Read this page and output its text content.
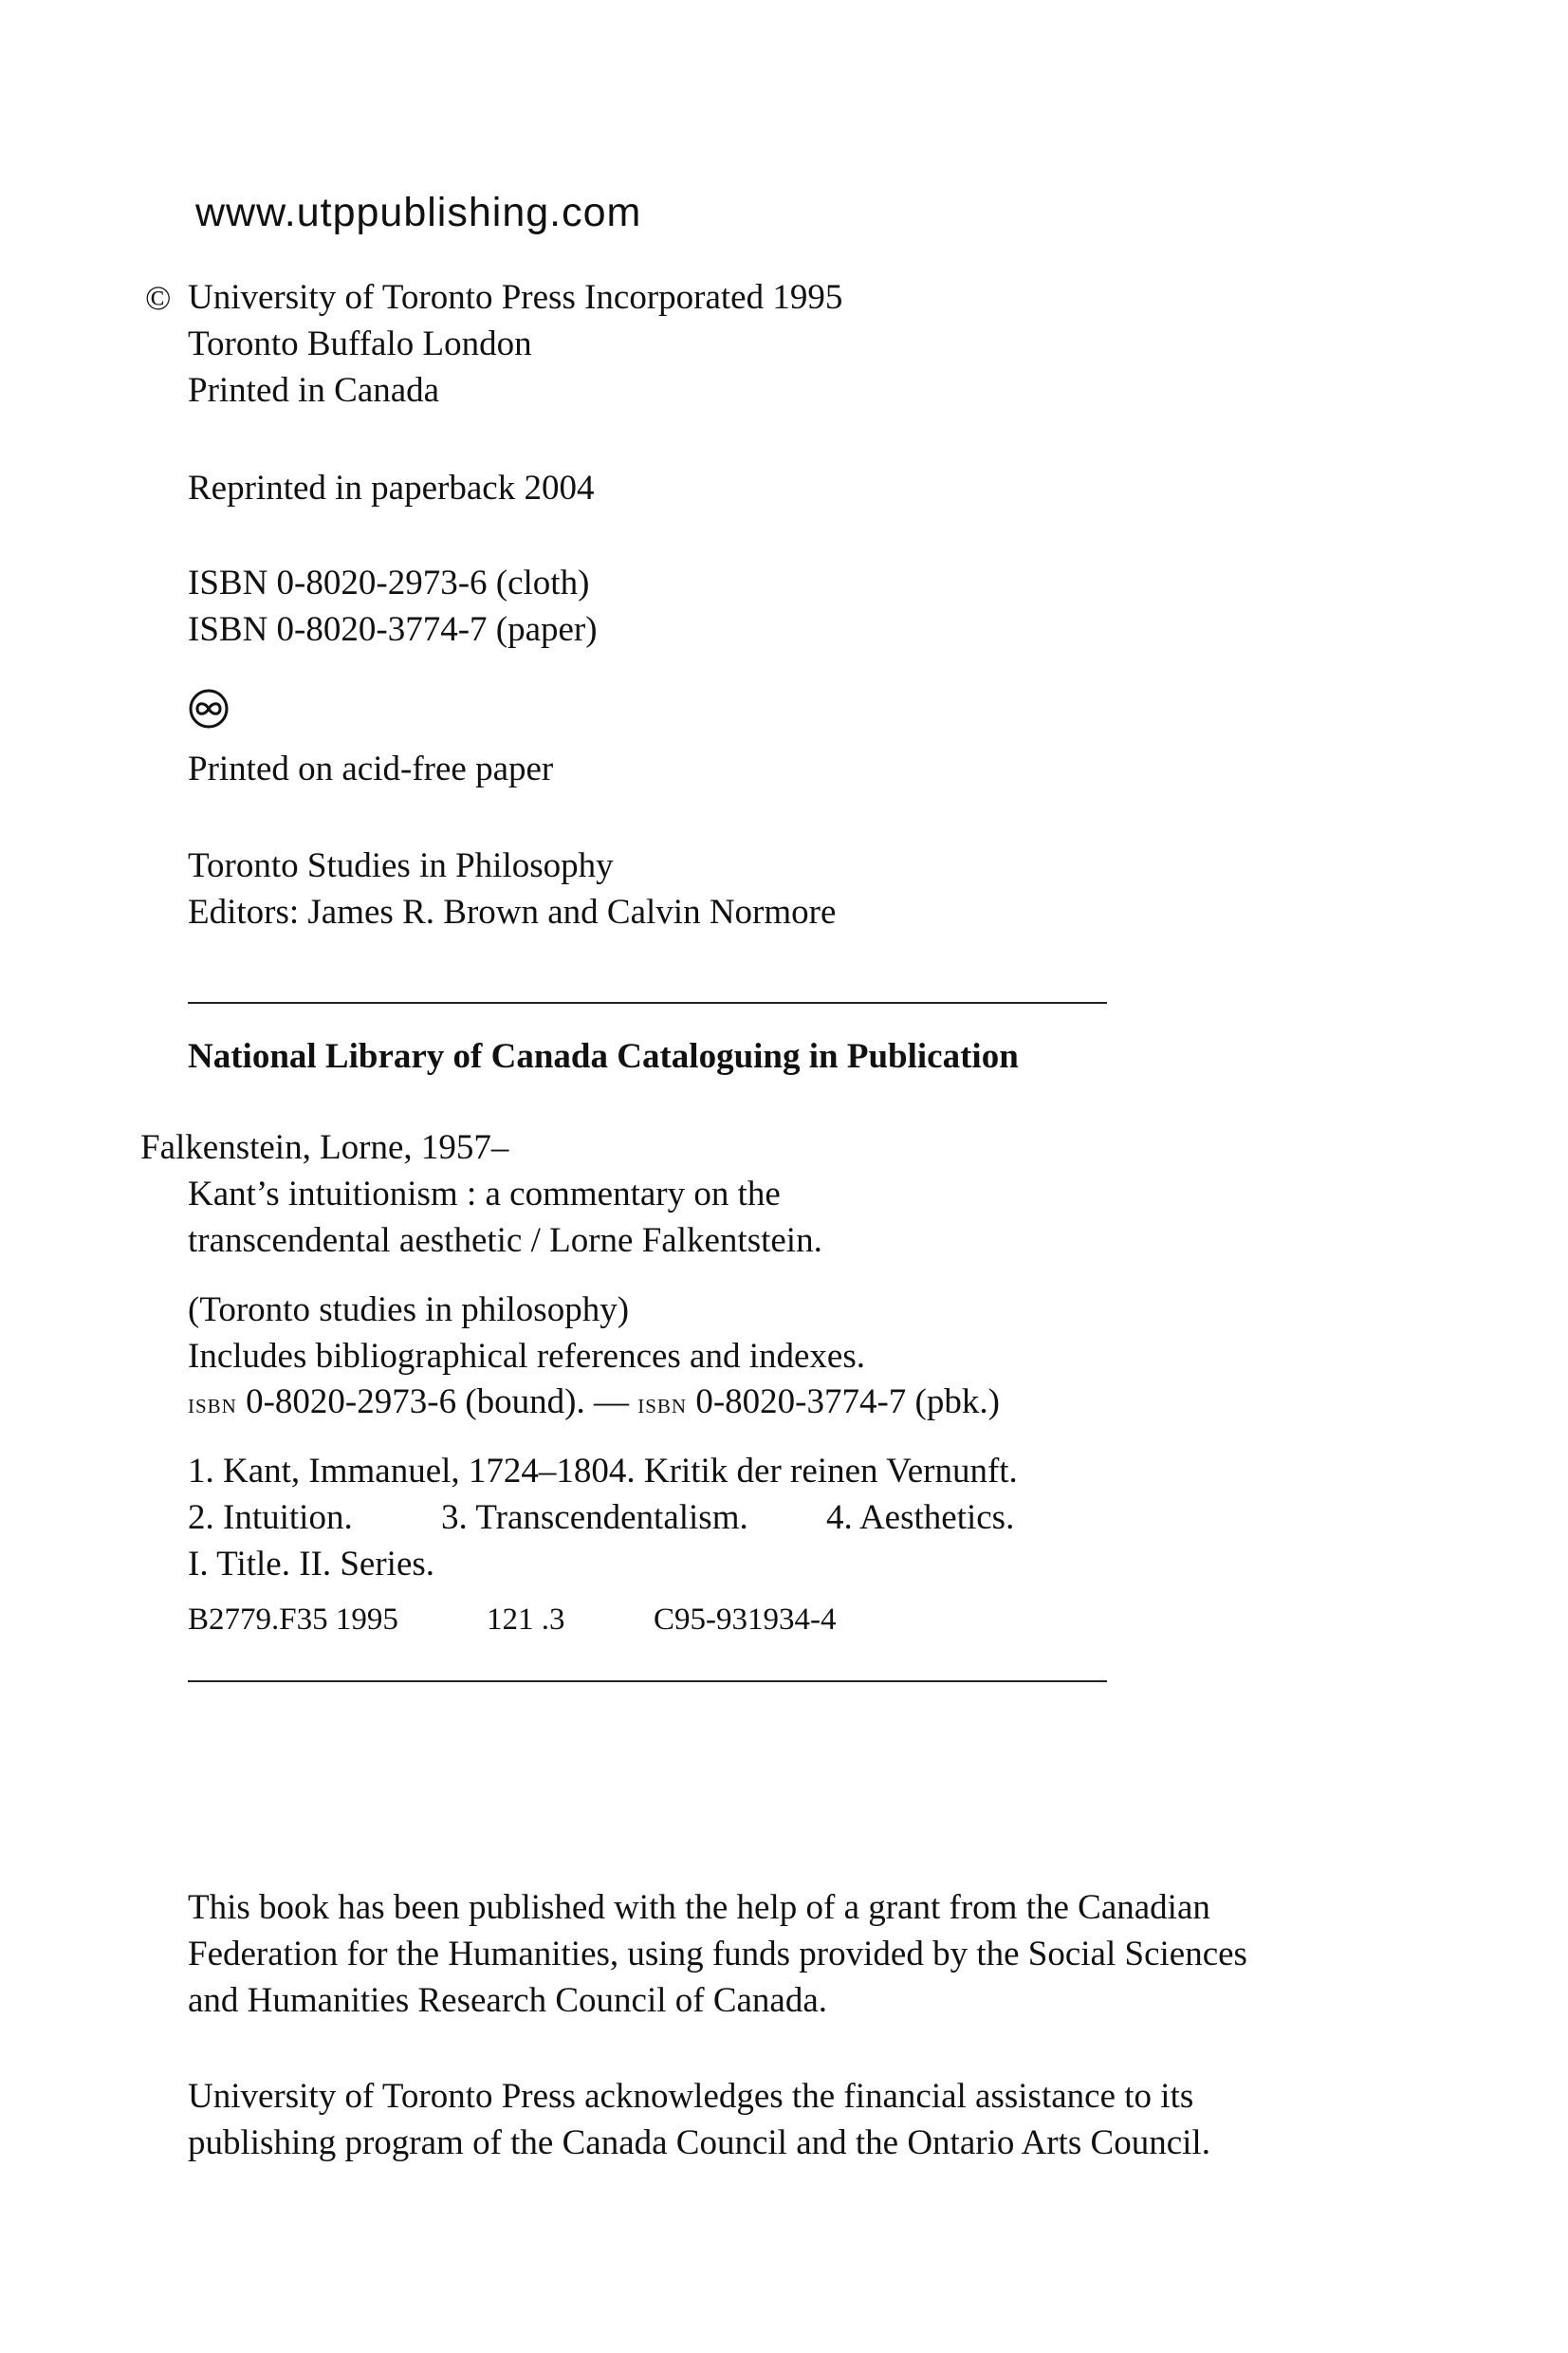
www.utppublishing.com
© University of Toronto Press Incorporated 1995
Toronto Buffalo London
Printed in Canada
Reprinted in paperback 2004
ISBN 0-8020-2973-6 (cloth)
ISBN 0-8020-3774-7 (paper)
Printed on acid-free paper
Toronto Studies in Philosophy
Editors: James R. Brown and Calvin Normore
National Library of Canada Cataloguing in Publication
Falkenstein, Lorne, 1957–
Kant’s intuitionism : a commentary on the
transcendental aesthetic / Lorne Falkentstein.
(Toronto studies in philosophy)
Includes bibliographical references and indexes.
isbn 0-8020-2973-6 (bound). — isbn 0-8020-3774-7 (pbk.)
1. Kant, Immanuel, 1724–1804. Kritik der reinen Vernunft.
2. Intuition.	3. Transcendentalism. 4. Aesthetics.
I. Title. II. Series.
B2779.F35 1995	121 .3	C95-931934-4
This book has been published with the help of a grant from the Canadian
Federation for the Humanities, using funds provided by the Social Sciences
and Humanities Research Council of Canada.
University of Toronto Press acknowledges the financial assistance to its
publishing program of the Canada Council and the Ontario Arts Council.
